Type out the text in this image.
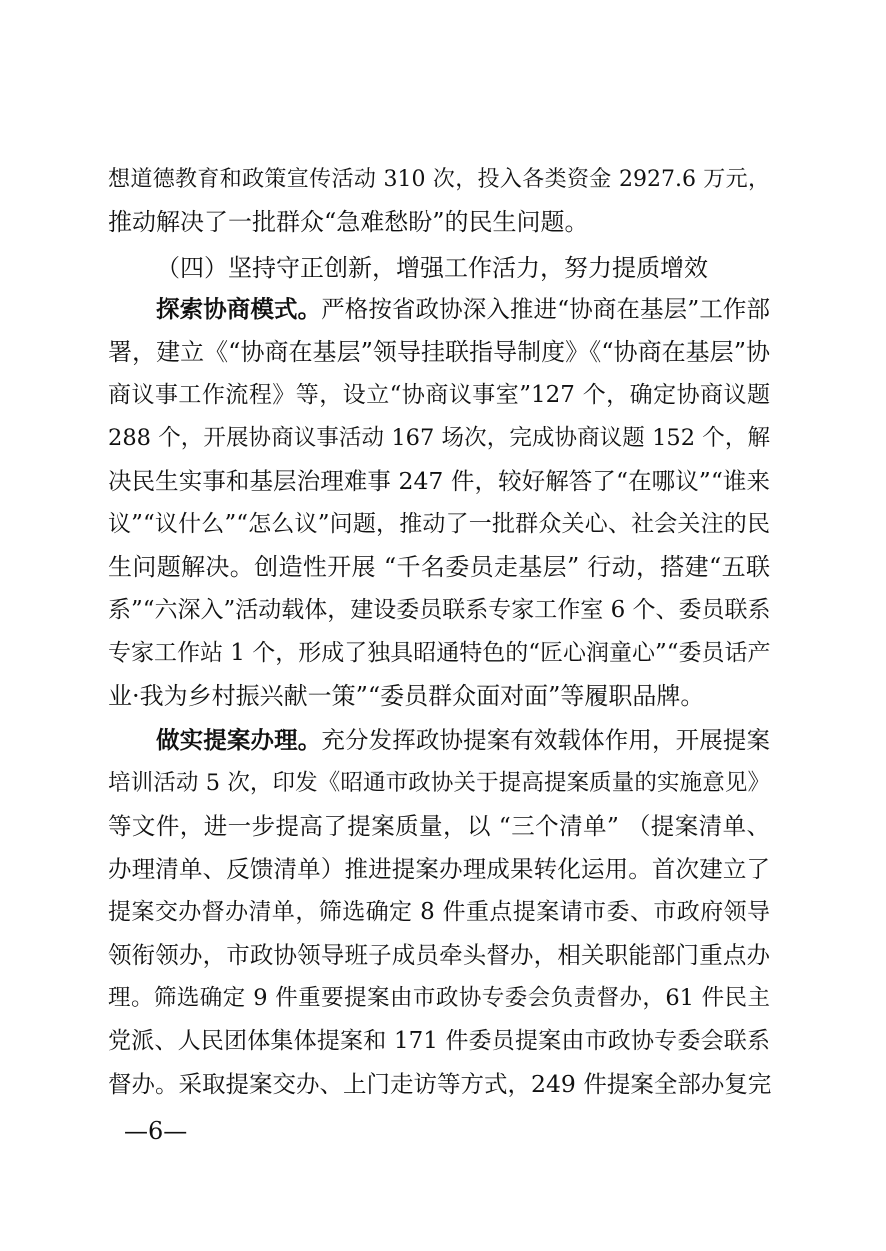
想道德教育和政策宣传活动 310 次，投入各类资金 2927.6 万元，
推动解决了一批群众“急难愁盼”的民生问题。
（四）坚持守正创新，增强工作活力，努力提质增效
探索协商模式。严格按省政协深入推进“协商在基层”工作部
署，建立《“协商在基层”领导挂联指导制度》《“协商在基层”协
商议事工作流程》等，设立“协商议事室”127 个，确定协商议题
288 个，开展协商议事活动 167 场次，完成协商议题 152 个，解
决民生实事和基层治理难事 247 件，较好解答了“在哪议”“谁来
议”“议什么”“怎么议”问题，推动了一批群众关心、社会关注的民
生问题解决。创造性开展 “千名委员走基层” 行动，搭建“五联
系”“六深入”活动载体，建设委员联系专家工作室 6 个、委员联系
专家工作站 1 个，形成了独具昭通特色的“匠心润童心”“委员话产
业·我为乡村振兴献一策”“委员群众面对面”等履职品牌。
做实提案办理。充分发挥政协提案有效载体作用，开展提案
培训活动 5 次，印发《昭通市政协关于提高提案质量的实施意见》
等文件，进一步提高了提案质量，以 “三个清单” （提案清单、
办理清单、反馈清单）推进提案办理成果转化运用。首次建立了
提案交办督办清单，筛选确定 8 件重点提案请市委、市政府领导
领衔领办，市政协领导班子成员牵头督办，相关职能部门重点办
理。筛选确定 9 件重要提案由市政协专委会负责督办，61 件民主
党派、人民团体集体提案和 171 件委员提案由市政协专委会联系
督办。采取提案交办、上门走访等方式，249 件提案全部办复完
—6—
